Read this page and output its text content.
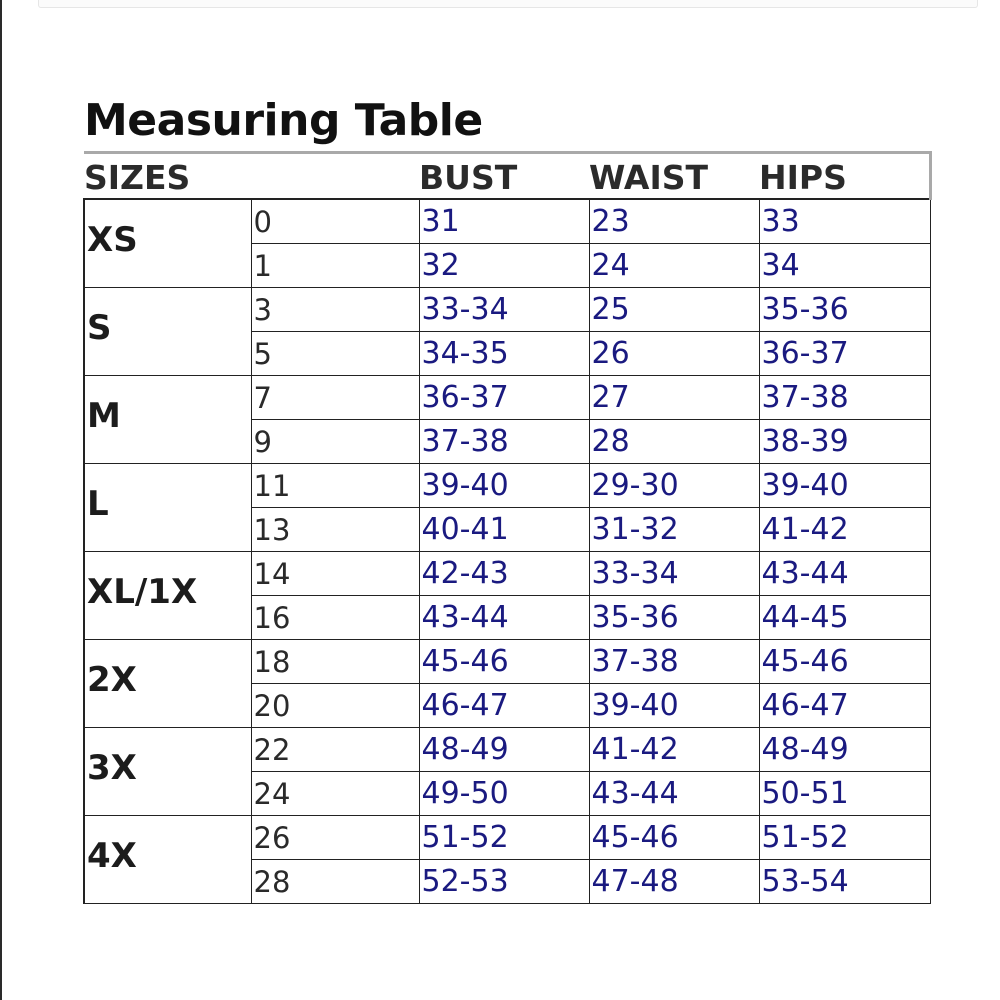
Measuring Table
SIZES		BUST	WAIST	HIPS
XS	0	31	23	33
	1	32	24	34
S	3	33-34	25	35-36
	5	34-35	26	36-37
M	7	36-37	27	37-38
	9	37-38	28	38-39
L	11	39-40	29-30	39-40
	13	40-41	31-32	41-42
XL/1X	14	42-43	33-34	43-44
	16	43-44	35-36	44-45
2X	18	45-46	37-38	45-46
	20	46-47	39-40	46-47
3X	22	48-49	41-42	48-49
	24	49-50	43-44	50-51
4X	26	51-52	45-46	51-52
	28	52-53	47-48	53-54
